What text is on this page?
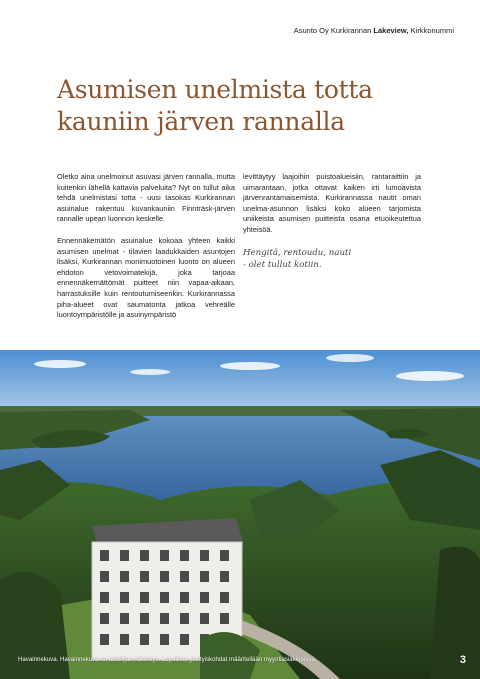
Asunto Oy Kurkirannan Lakeview, Kirkkonummi
Asumisen unelmista totta
kauniin järven rannalla

Oletko aina unelmoinut asuvasi järven rannalla, mutta kuitenkin lähellä kattavia palveluita? Nyt on tullut aika tehdä unelmistasi totta - uusi tasokas Kurkirannan asuinalue rakentuu kuvankauniin Finnträsk-järven rannalle upean luonnon keskelle.

Ennennäkemätön asuinalue kokoaa yhteen kaikki asumisen unelmat - tilavien laadukkaiden asuntojen lisäksi, Kurkirannan monimuotoinen luonto on alueen ehdoton vetovoimatekijä, joka tarjoaa ennennäkemättömät puitteet niin vapaa-aikaan, harrastuksille kuin rentoutumiseenkin. Kurkirannassa piha-alueet ovat saumatonta jatkoa vehreälle luontoympäristölle ja asuinympäristö

levittäytyy laajoihin puistoalueisiin, rantaraittiin ja uimarantaan, jotka ottavat kaiken irti lumoavista järvenrantamaisemista. Kurkirannassa nautit oman unelma-asunnon lisäksi koko alueen tarjomista uniikeista asumisen puitteista osana etuoikeutettua yhteisöä.

Hengitä, rentoudu, nauti
- olet tullut kotiin.
Havainnekuva. Havainnekuva on taiteilijan näkemys. Lopulliset yksityiskohdat määritellään myyntiasiakirjoissa.	3
